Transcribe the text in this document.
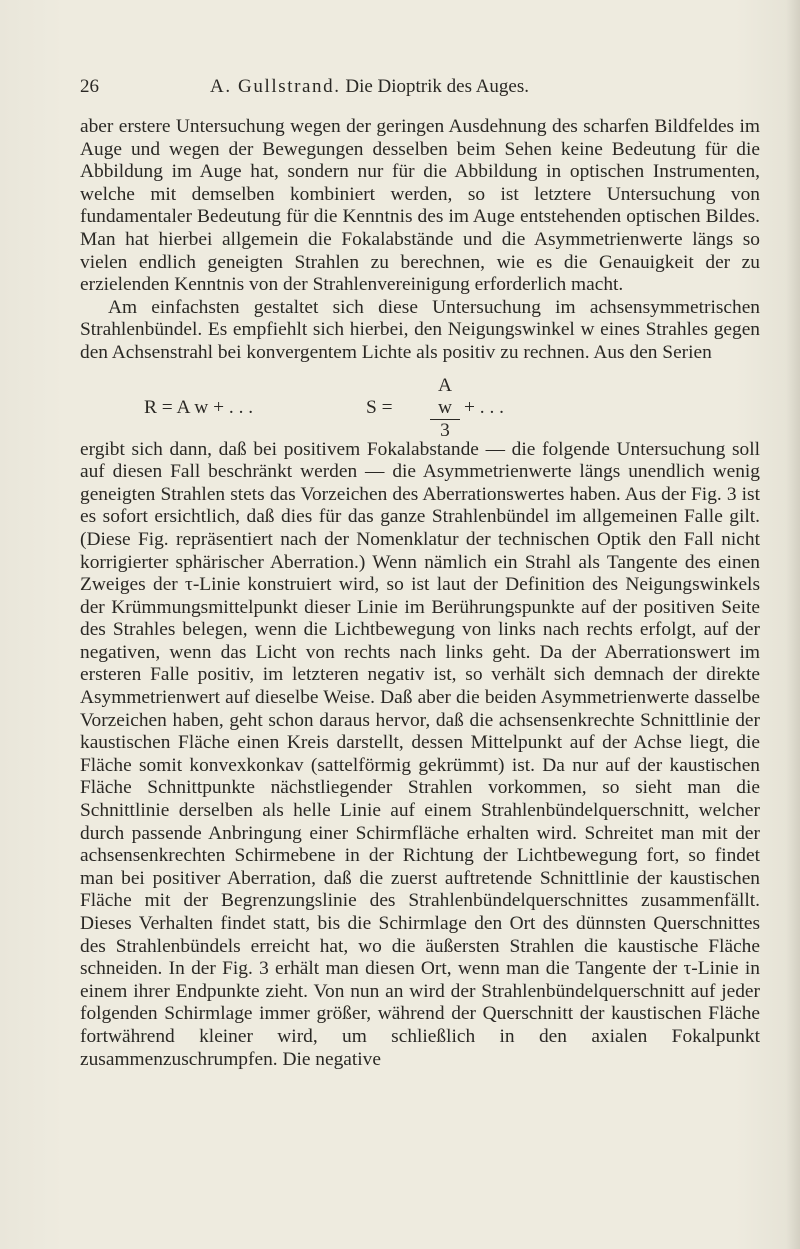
26	A. Gullstrand. Die Dioptrik des Auges.

aber erstere Untersuchung wegen der geringen Ausdehnung des scharfen Bildfeldes im Auge und wegen der Bewegungen desselben beim Sehen keine Bedeutung für die Abbildung im Auge hat, sondern nur für die Abbildung in optischen Instrumenten, welche mit demselben kombiniert werden, so ist letztere Untersuchung von fundamentaler Bedeutung für die Kenntnis des im Auge entstehenden optischen Bildes. Man hat hierbei allgemein die Fokalabstände und die Asymmetrienwerte längs so vielen endlich geneigten Strahlen zu berechnen, wie es die Genauigkeit der zu erzielenden Kenntnis von der Strahlenvereinigung erforderlich macht.

Am einfachsten gestaltet sich diese Untersuchung im achsensymmetrischen Strahlenbündel. Es empfiehlt sich hierbei, den Neigungswinkel w eines Strahles gegen den Achsenstrahl bei konvergentem Lichte als positiv zu rechnen. Aus den Serien

R = A w + . . .	$S = \frac{\text{A w}}{3}$ + . . .

ergibt sich dann, daß bei positivem Fokalabstande — die folgende Untersuchung soll auf diesen Fall beschränkt werden — die Asymmetrienwerte längs unendlich wenig geneigten Strahlen stets das Vorzeichen des Aberrationswertes haben. Aus der Fig. 3 ist es sofort ersichtlich, daß dies für das ganze Strahlenbündel im allgemeinen Falle gilt. (Diese Fig. repräsentiert nach der Nomenklatur der technischen Optik den Fall nicht korrigierter sphärischer Aberration.) Wenn nämlich ein Strahl als Tangente des einen Zweiges der τ-Linie konstruiert wird, so ist laut der Definition des Neigungswinkels der Krümmungsmittelpunkt dieser Linie im Berührungspunkte auf der positiven Seite des Strahles belegen, wenn die Lichtbewegung von links nach rechts erfolgt, auf der negativen, wenn das Licht von rechts nach links geht. Da der Aberrationswert im ersteren Falle positiv, im letzteren negativ ist, so verhält sich demnach der direkte Asymmetrienwert auf dieselbe Weise. Daß aber die beiden Asymmetrienwerte dasselbe Vorzeichen haben, geht schon daraus hervor, daß die achsensenkrechte Schnittlinie der kaustischen Fläche einen Kreis darstellt, dessen Mittelpunkt auf der Achse liegt, die Fläche somit konvexkonkav (sattelförmig gekrümmt) ist. Da nur auf der kaustischen Fläche Schnittpunkte nächstliegender Strahlen vorkommen, so sieht man die Schnittlinie derselben als helle Linie auf einem Strahlenbündelquerschnitt, welcher durch passende Anbringung einer Schirmfläche erhalten wird. Schreitet man mit der achsensenkrechten Schirmebene in der Richtung der Lichtbewegung fort, so findet man bei positiver Aberration, daß die zuerst auftretende Schnittlinie der kaustischen Fläche mit der Begrenzungslinie des Strahlenbündelquerschnittes zusammenfällt. Dieses Verhalten findet statt, bis die Schirmlage den Ort des dünnsten Querschnittes des Strahlenbündels erreicht hat, wo die äußersten Strahlen die kaustische Fläche schneiden. In der Fig. 3 erhält man diesen Ort, wenn man die Tangente der τ-Linie in einem ihrer Endpunkte zieht. Von nun an wird der Strahlenbündelquerschnitt auf jeder folgenden Schirmlage immer größer, während der Querschnitt der kaustischen Fläche fortwährend kleiner wird, um schließlich in den axialen Fokalpunkt zusammenzuschrumpfen. Die negative
